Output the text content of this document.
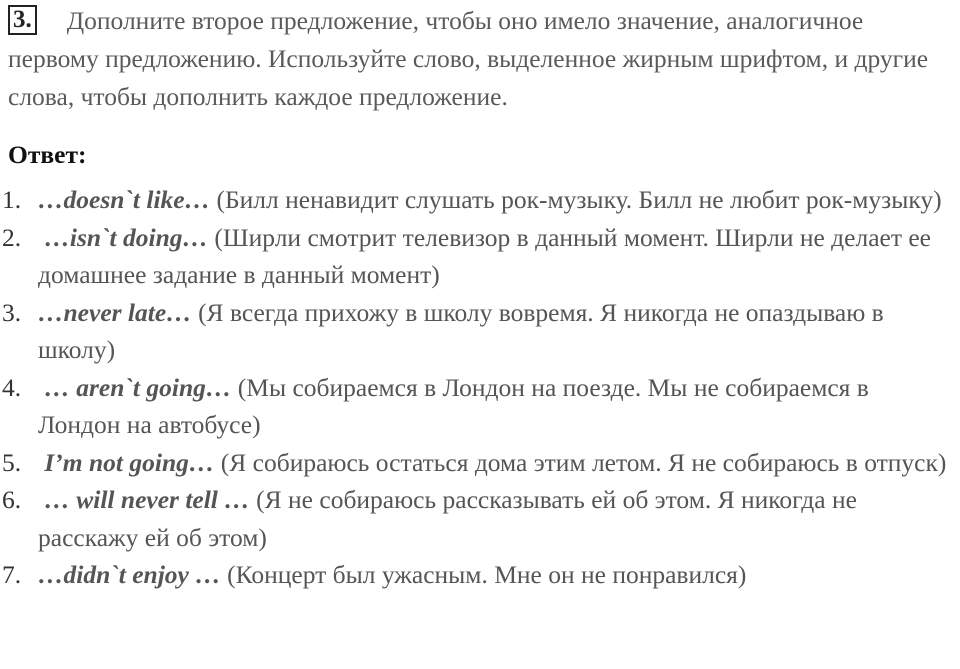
3. Дополните второе предложение, чтобы оно имело значение, аналогичное первому предложению. Используйте слово, выделенное жирным шрифтом, и другие слова, чтобы дополнить каждое предложение.
Ответ:
1. …doesn`t like… (Билл ненавидит слушать рок-музыку. Билл не любит рок-музыку)
2. …isn`t doing… (Ширли смотрит телевизор в данный момент. Ширли не делает ее домашнее задание в данный момент)
3. …never late… (Я всегда прихожу в школу вовремя. Я никогда не опаздываю в школу)
4. … aren`t going… (Мы собираемся в Лондон на поезде. Мы не собираемся в Лондон на автобусе)
5. I’m not going… (Я собираюсь остаться дома этим летом. Я не собираюсь в отпуск)
6. … will never tell … (Я не собираюсь рассказывать ей об этом. Я никогда не расскажу ей об этом)
7. …didn`t enjoy … (Концерт был ужасным. Мне он не понравился)
